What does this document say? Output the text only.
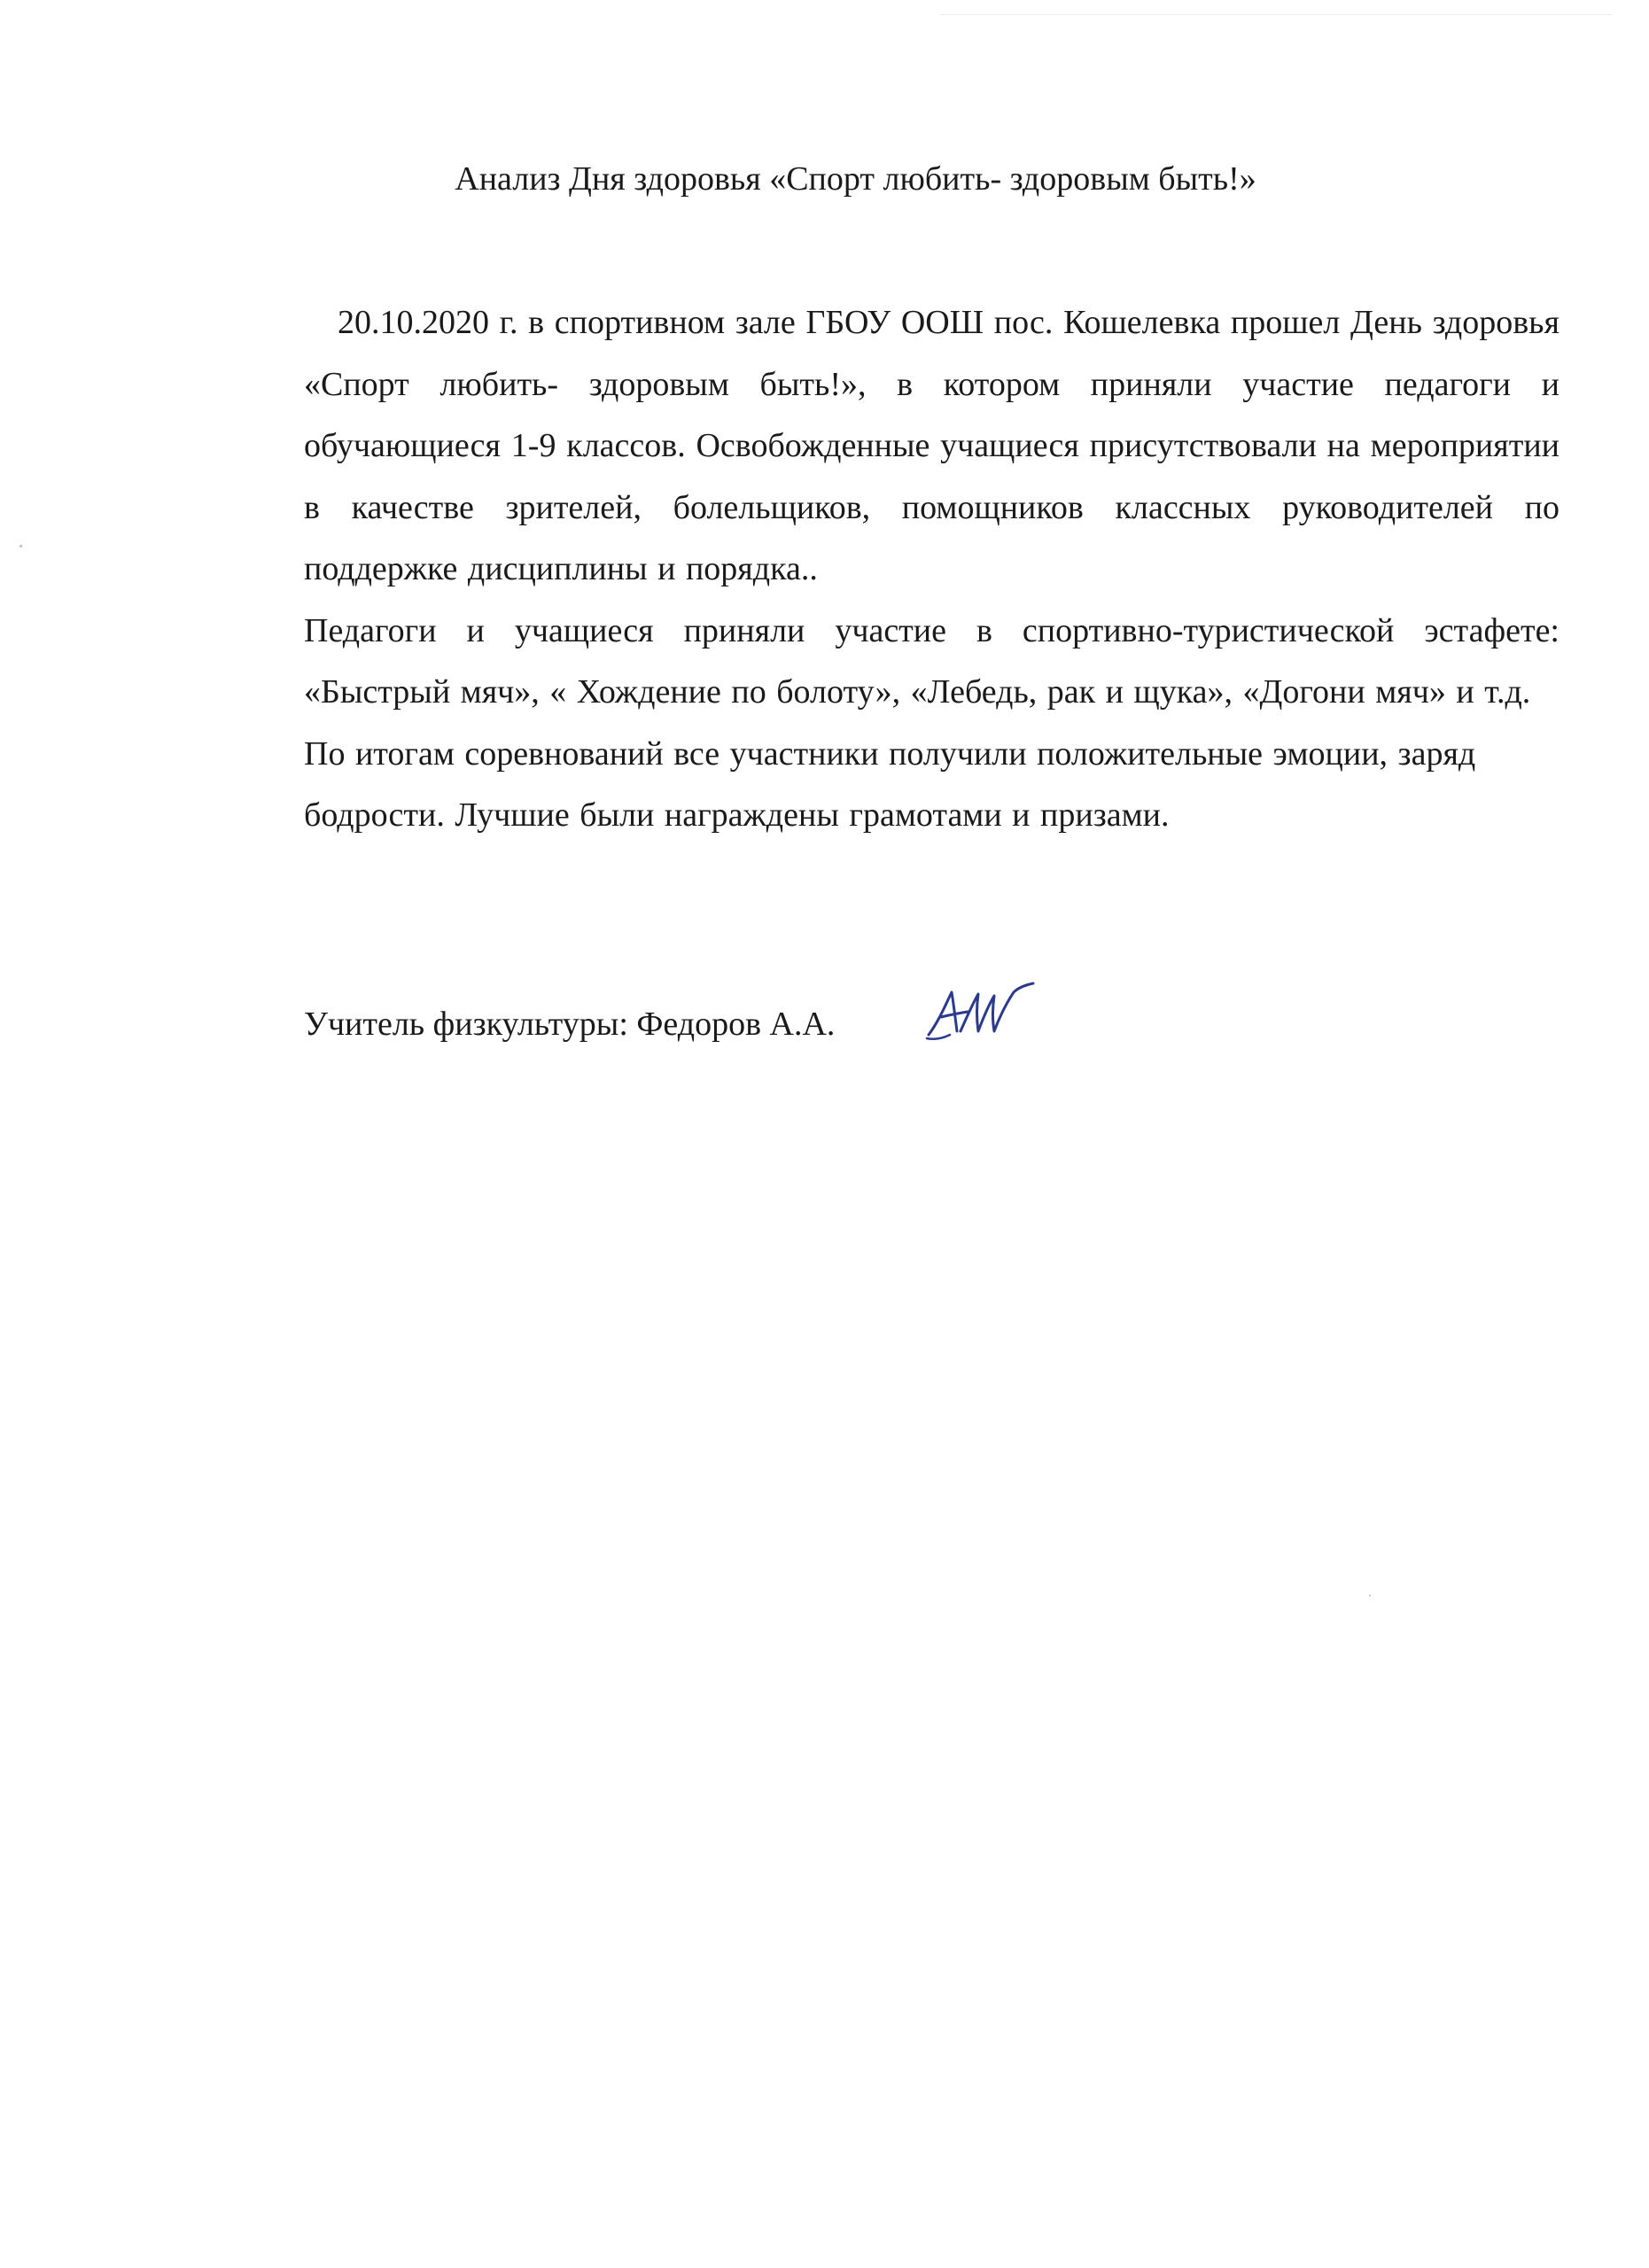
Анализ Дня здоровья «Спорт любить- здоровым быть!»

20.10.2020 г. в спортивном зале ГБОУ ООШ пос. Кошелевка прошел День здоровья «Спорт любить- здоровым быть!», в котором приняли участие педагоги и обучающиеся 1-9 классов. Освобожденные учащиеся присутствовали на мероприятии в качестве зрителей, болельщиков, помощников классных руководителей по поддержке дисциплины и порядка..

Педагоги и учащиеся приняли участие в спортивно-туристической эстафете: «Быстрый мяч», « Хождение по болоту», «Лебедь, рак и щука», «Догони мяч» и т.д.

По итогам соревнований все участники получили положительные эмоции, заряд бодрости. Лучшие были награждены грамотами и призами.

Учитель физкультуры: Федоров А.А.
